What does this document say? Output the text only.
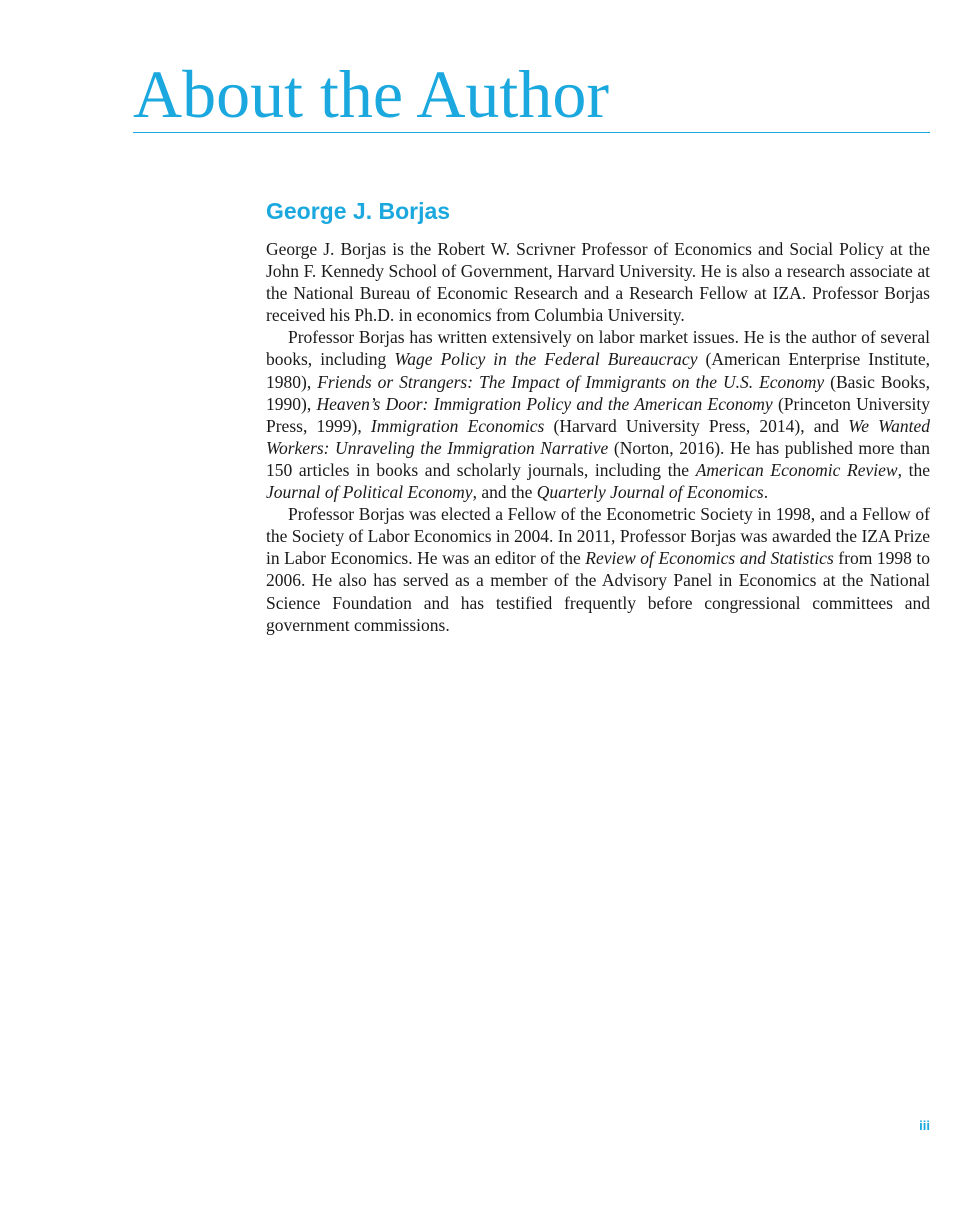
About the Author
George J. Borjas

George J. Borjas is the Robert W. Scrivner Professor of Economics and Social Policy at the John F. Kennedy School of Government, Harvard University. He is also a research associate at the National Bureau of Economic Research and a Research Fellow at IZA. Professor Borjas received his Ph.D. in economics from Columbia University.

Professor Borjas has written extensively on labor market issues. He is the author of several books, including Wage Policy in the Federal Bureaucracy (American Enterprise Institute, 1980), Friends or Strangers: The Impact of Immigrants on the U.S. Economy (Basic Books, 1990), Heaven’s Door: Immigration Policy and the American Economy (Princeton University Press, 1999), Immigration Economics (Harvard University Press, 2014), and We Wanted Workers: Unraveling the Immigration Narrative (Norton, 2016). He has published more than 150 articles in books and scholarly journals, including the American Economic Review, the Journal of Political Economy, and the Quarterly Journal of Economics.

Professor Borjas was elected a Fellow of the Econometric Society in 1998, and a Fellow of the Society of Labor Economics in 2004. In 2011, Professor Borjas was awarded the IZA Prize in Labor Economics. He was an editor of the Review of Economics and Statistics from 1998 to 2006. He also has served as a member of the Advisory Panel in Economics at the National Science Foundation and has testified frequently before congressional committees and government commissions.

iii
